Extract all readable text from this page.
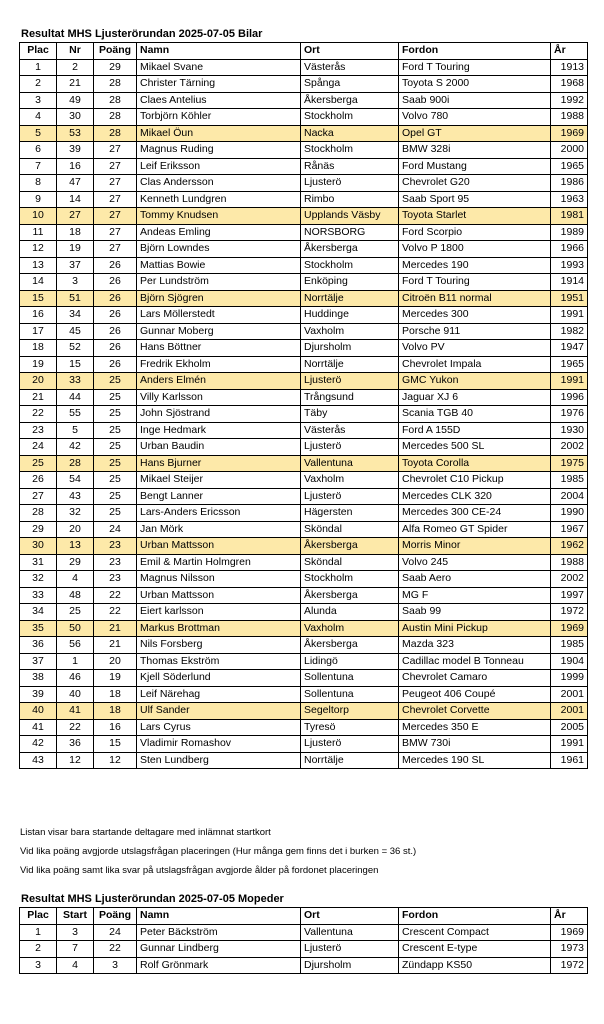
Resultat MHS Ljusterörundan 2025-07-05 Bilar
Plac	Nr	Poäng	Namn	Ort	Fordon	År
1	2	29	Mikael Svane	Västerås	Ford T Touring	1913
2	21	28	Christer Tärning	Spånga	Toyota S 2000	1968
3	49	28	Claes Antelius	Åkersberga	Saab 900i	1992
4	30	28	Torbjörn Köhler	Stockholm	Volvo 780	1988
5	53	28	Mikael Öun	Nacka	Opel GT	1969
6	39	27	Magnus Ruding	Stockholm	BMW 328i	2000
7	16	27	Leif Eriksson	Rånäs	Ford Mustang	1965
8	47	27	Clas Andersson	Ljusterö	Chevrolet G20	1986
9	14	27	Kenneth Lundgren	Rimbo	Saab Sport 95	1963
10	27	27	Tommy Knudsen	Upplands Väsby	Toyota Starlet	1981
11	18	27	Andeas Emling	NORSBORG	Ford Scorpio	1989
12	19	27	Björn Lowndes	Åkersberga	Volvo P 1800	1966
13	37	26	Mattias Bowie	Stockholm	Mercedes 190	1993
14	3	26	Per Lundström	Enköping	Ford T Touring	1914
15	51	26	Björn Sjögren	Norrtälje	Citroën B11 normal	1951
16	34	26	Lars Möllerstedt	Huddinge	Mercedes 300	1991
17	45	26	Gunnar Moberg	Vaxholm	Porsche 911	1982
18	52	26	Hans Böttner	Djursholm	Volvo PV	1947
19	15	26	Fredrik Ekholm	Norrtälje	Chevrolet Impala	1965
20	33	25	Anders Elmén	Ljusterö	GMC Yukon	1991
21	44	25	Villy Karlsson	Trångsund	Jaguar XJ 6	1996
22	55	25	John Sjöstrand	Täby	Scania TGB 40	1976
23	5	25	Inge Hedmark	Västerås	Ford A 155D	1930
24	42	25	Urban Baudin	Ljusterö	Mercedes 500 SL	2002
25	28	25	Hans Bjurner	Vallentuna	Toyota Corolla	1975
26	54	25	Mikael Steijer	Vaxholm	Chevrolet C10 Pickup	1985
27	43	25	Bengt Lanner	Ljusterö	Mercedes CLK 320	2004
28	32	25	Lars-Anders Ericsson	Hägersten	Mercedes 300 CE-24	1990
29	20	24	Jan Mörk	Sköndal	Alfa Romeo GT Spider	1967
30	13	23	Urban Mattsson	Åkersberga	Morris Minor	1962
31	29	23	Emil & Martin Holmgren	Sköndal	Volvo 245	1988
32	4	23	Magnus Nilsson	Stockholm	Saab Aero	2002
33	48	22	Urban Mattsson	Åkersberga	MG F	1997
34	25	22	Eiert karlsson	Alunda	Saab 99	1972
35	50	21	Markus Brottman	Vaxholm	Austin Mini Pickup	1969
36	56	21	Nils Forsberg	Åkersberga	Mazda 323	1985
37	1	20	Thomas Ekström	Lidingö	Cadillac model B Tonneau	1904
38	46	19	Kjell Söderlund	Sollentuna	Chevrolet Camaro	1999
39	40	18	Leif Närehag	Sollentuna	Peugeot 406 Coupé	2001
40	41	18	Ulf Sander	Segeltorp	Chevrolet Corvette	2001
41	22	16	Lars Cyrus	Tyresö	Mercedes 350 E	2005
42	36	15	Vladimir Romashov	Ljusterö	BMW 730i	1991
43	12	12	Sten Lundberg	Norrtälje	Mercedes 190 SL	1961
Listan visar bara startande deltagare med inlämnat startkort
Vid lika poäng avgjorde utslagsfrågan placeringen (Hur många gem finns det i burken = 36 st.)
Vid lika poäng samt lika svar på utslagsfrågan avgjorde ålder på fordonet placeringen
Resultat MHS Ljusterörundan 2025-07-05 Mopeder
Plac	Start	Poäng	Namn	Ort	Fordon	År
1	3	24	Peter Bäckström	Vallentuna	Crescent Compact	1969
2	7	22	Gunnar Lindberg	Ljusterö	Crescent E-type	1973
3	4	3	Rolf Grönmark	Djursholm	Zündapp KS50	1972
